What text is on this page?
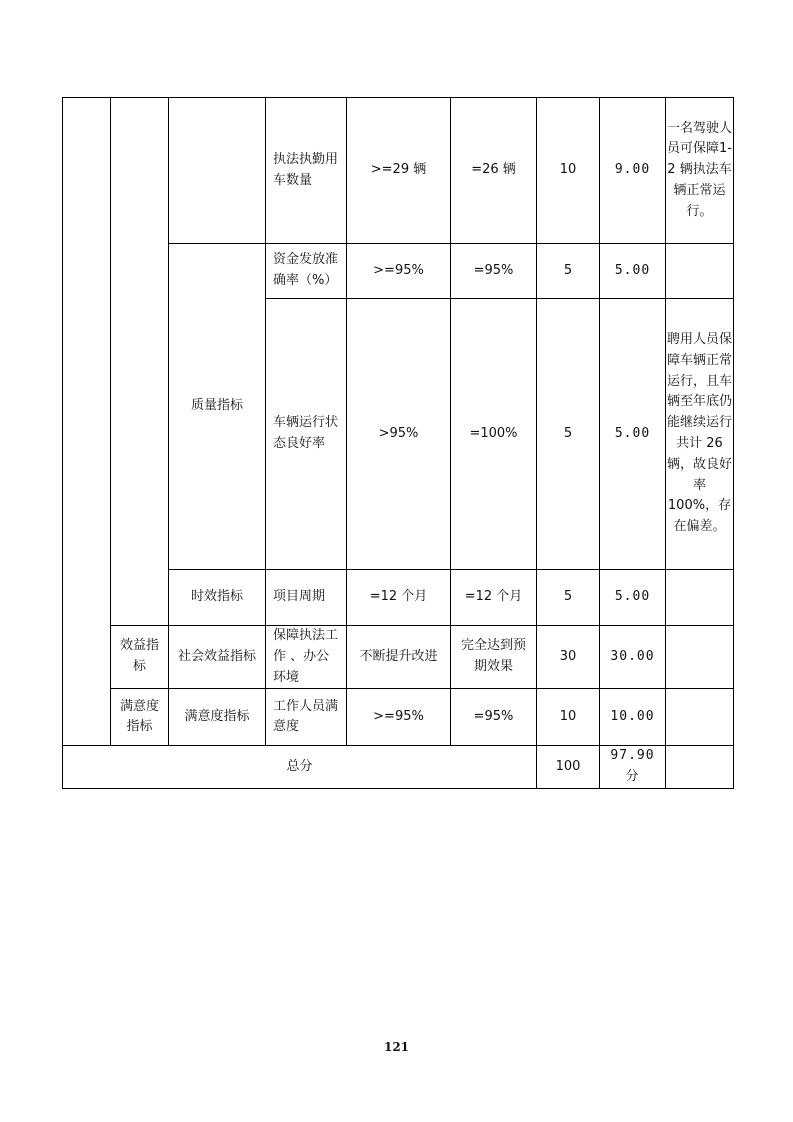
			执法执勤用车数量	>=29 辆	=26 辆	10	9.00	一名驾驶人员可保障1-2 辆执法车辆正常运行。
		质量指标	资金发放准确率（%）	>=95%	=95%	5	5.00	
			车辆运行状态良好率	>95%	=100%	5	5.00	聘用人员保障车辆正常运行，且车辆至年底仍能继续运行共计 26 辆，故良好率 100%，存在偏差。
		时效指标	项目周期	=12 个月	=12 个月	5	5.00	
	效益指标	社会效益指标	保障执法工作 、办公环境	不断提升改进	完全达到预期效果	30	30.00	
	满意度指标	满意度指标	工作人员满意度	>=95%	=95%	10	10.00	
总分						100	97.90 分	
121
